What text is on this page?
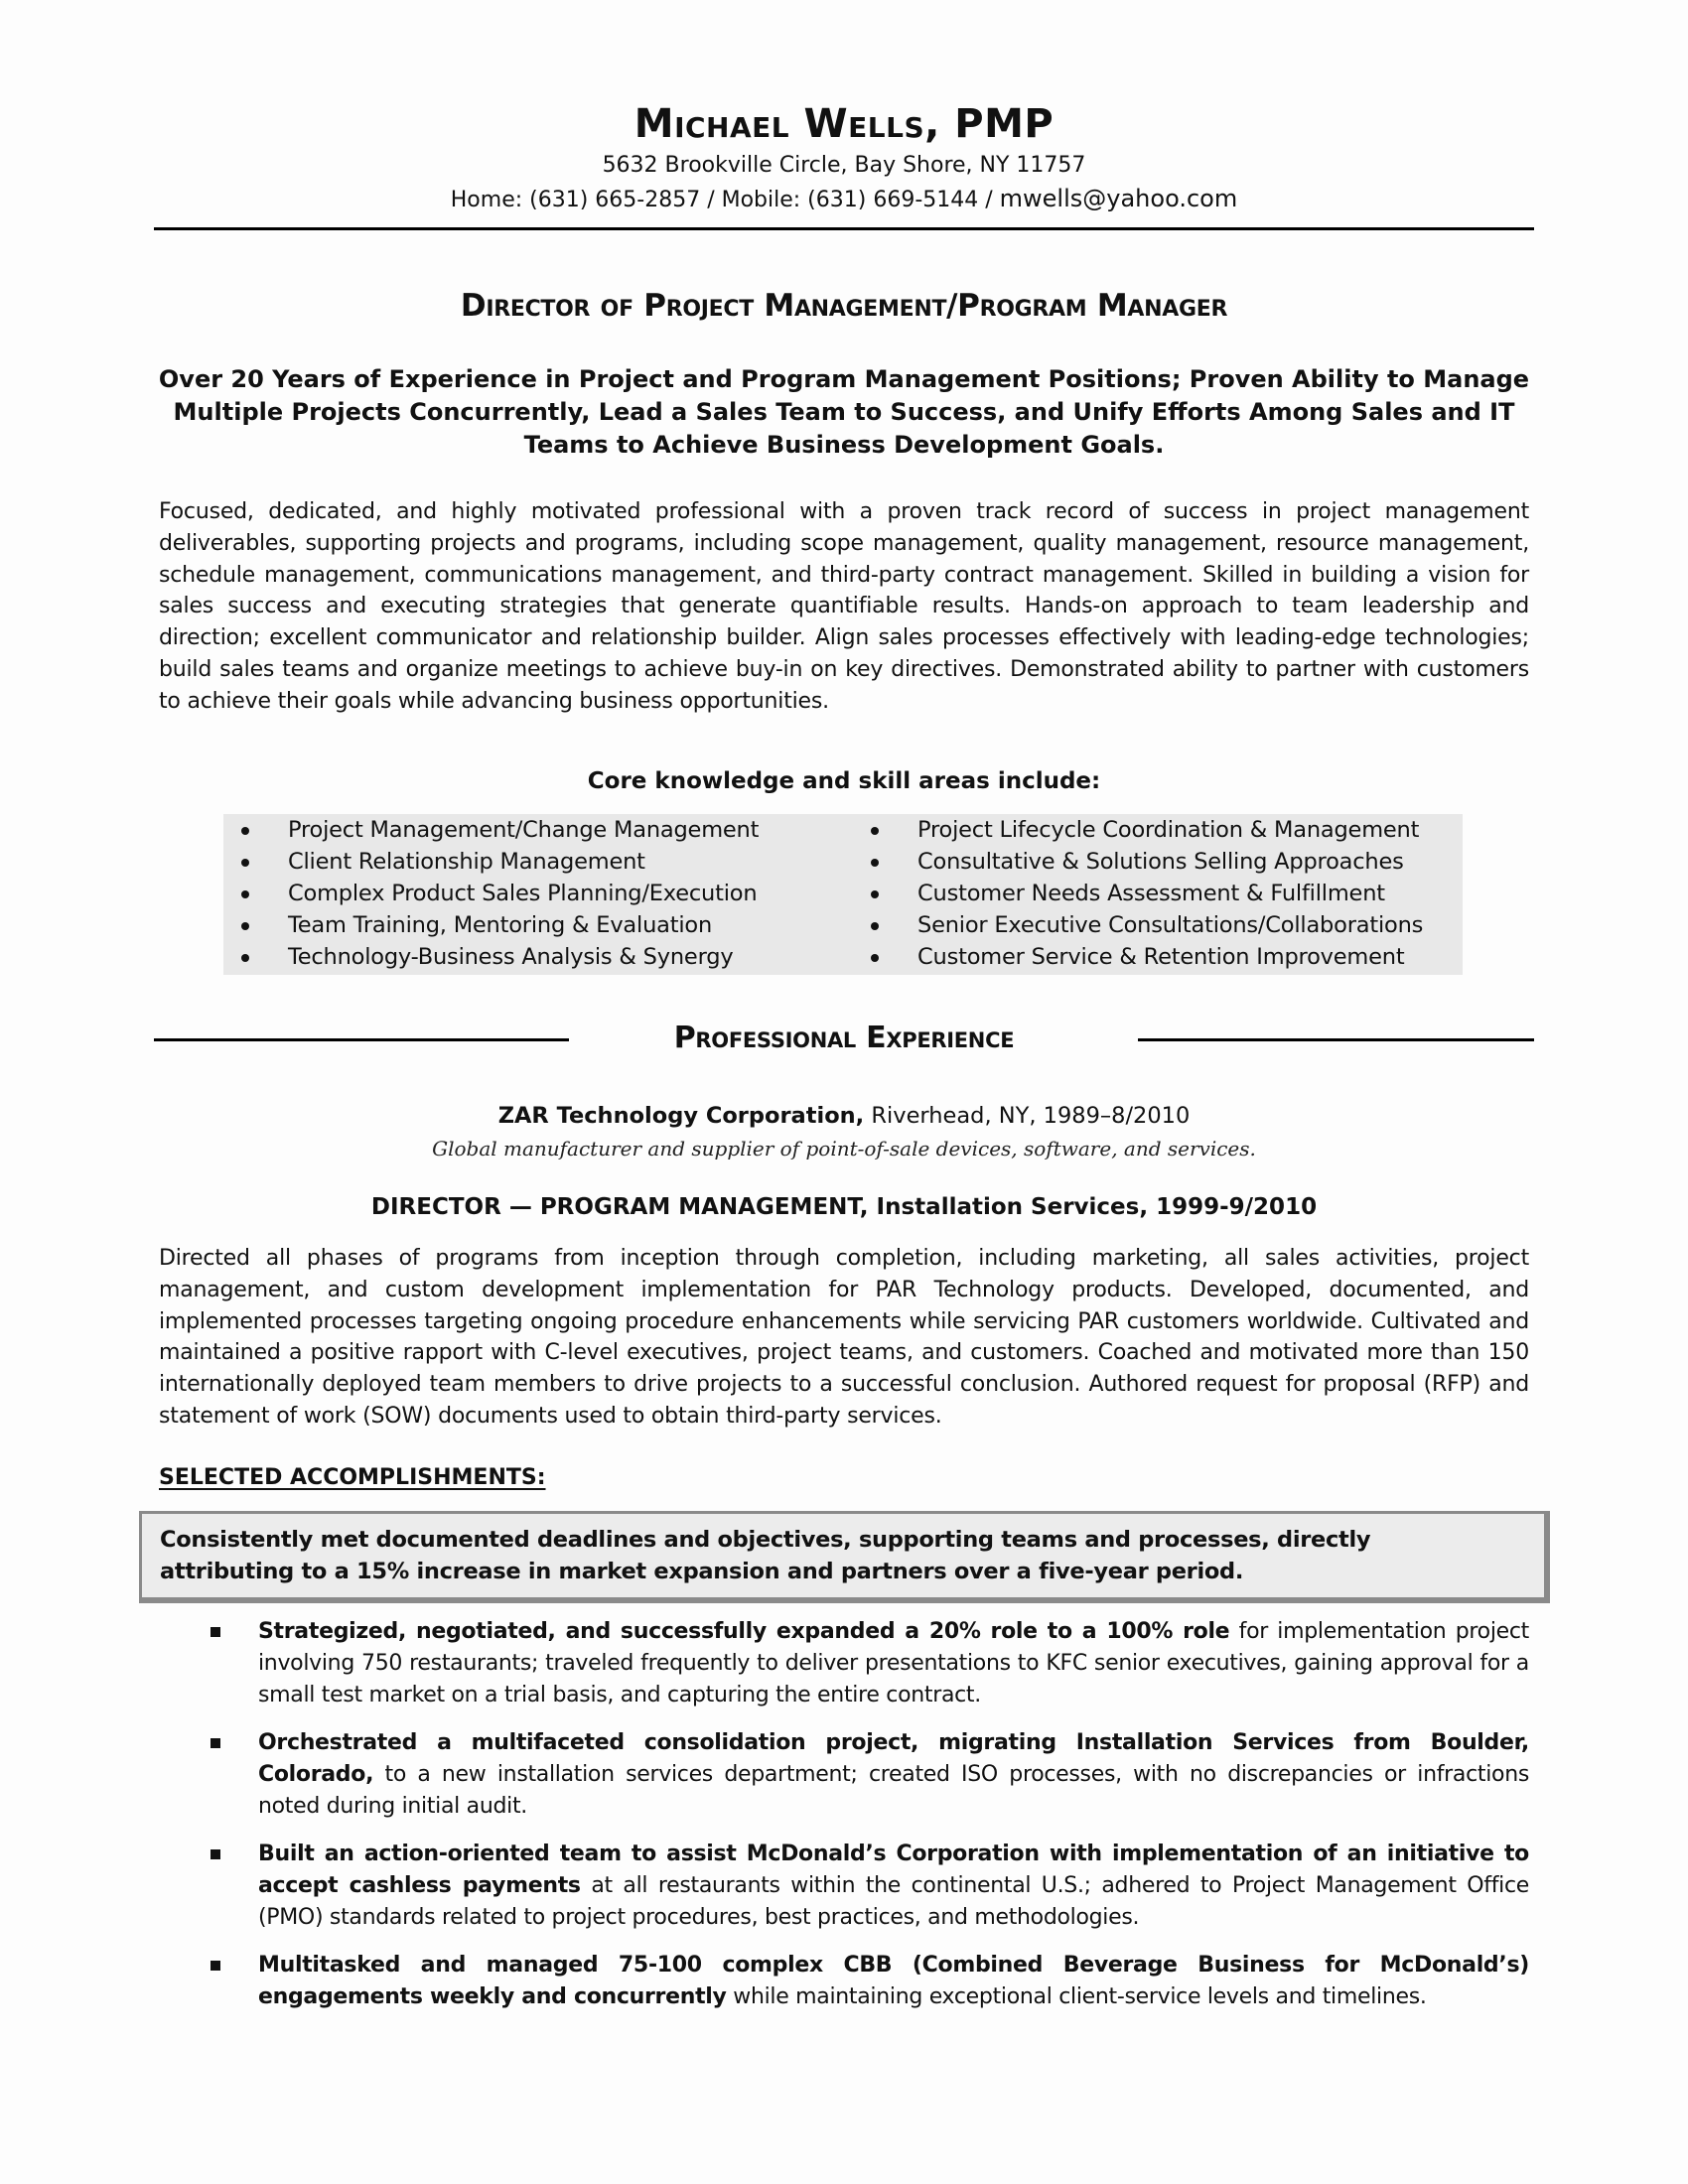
Michael Wells, PMP
5632 Brookville Circle, Bay Shore, NY 11757
Home: (631) 665-2857 / Mobile: (631) 669-5144 / mwells@yahoo.com
Director of Project Management/Program Manager
Over 20 Years of Experience in Project and Program Management Positions; Proven Ability to Manage Multiple Projects Concurrently, Lead a Sales Team to Success, and Unify Efforts Among Sales and IT Teams to Achieve Business Development Goals.
Focused, dedicated, and highly motivated professional with a proven track record of success in project management deliverables, supporting projects and programs, including scope management, quality management, resource management, schedule management, communications management, and third-party contract management. Skilled in building a vision for sales success and executing strategies that generate quantifiable results. Hands-on approach to team leadership and direction; excellent communicator and relationship builder. Align sales processes effectively with leading-edge technologies; build sales teams and organize meetings to achieve buy-in on key directives. Demonstrated ability to partner with customers to achieve their goals while advancing business opportunities.
Core knowledge and skill areas include:
Project Management/Change Management
Client Relationship Management
Complex Product Sales Planning/Execution
Team Training, Mentoring & Evaluation
Technology-Business Analysis & Synergy
Project Lifecycle Coordination & Management
Consultative & Solutions Selling Approaches
Customer Needs Assessment & Fulfillment
Senior Executive Consultations/Collaborations
Customer Service & Retention Improvement
Professional Experience
ZAR Technology Corporation, Riverhead, NY, 1989–8/2010
Global manufacturer and supplier of point-of-sale devices, software, and services.
DIRECTOR — PROGRAM MANAGEMENT, Installation Services, 1999-9/2010
Directed all phases of programs from inception through completion, including marketing, all sales activities, project management, and custom development implementation for PAR Technology products. Developed, documented, and implemented processes targeting ongoing procedure enhancements while servicing PAR customers worldwide. Cultivated and maintained a positive rapport with C-level executives, project teams, and customers. Coached and motivated more than 150 internationally deployed team members to drive projects to a successful conclusion. Authored request for proposal (RFP) and statement of work (SOW) documents used to obtain third-party services.
SELECTED ACCOMPLISHMENTS:
Consistently met documented deadlines and objectives, supporting teams and processes, directly attributing to a 15% increase in market expansion and partners over a five-year period.
Strategized, negotiated, and successfully expanded a 20% role to a 100% role for implementation project involving 750 restaurants; traveled frequently to deliver presentations to KFC senior executives, gaining approval for a small test market on a trial basis, and capturing the entire contract.
Orchestrated a multifaceted consolidation project, migrating Installation Services from Boulder, Colorado, to a new installation services department; created ISO processes, with no discrepancies or infractions noted during initial audit.
Built an action-oriented team to assist McDonald’s Corporation with implementation of an initiative to accept cashless payments at all restaurants within the continental U.S.; adhered to Project Management Office (PMO) standards related to project procedures, best practices, and methodologies.
Multitasked and managed 75-100 complex CBB (Combined Beverage Business for McDonald’s) engagements weekly and concurrently while maintaining exceptional client-service levels and timelines.
